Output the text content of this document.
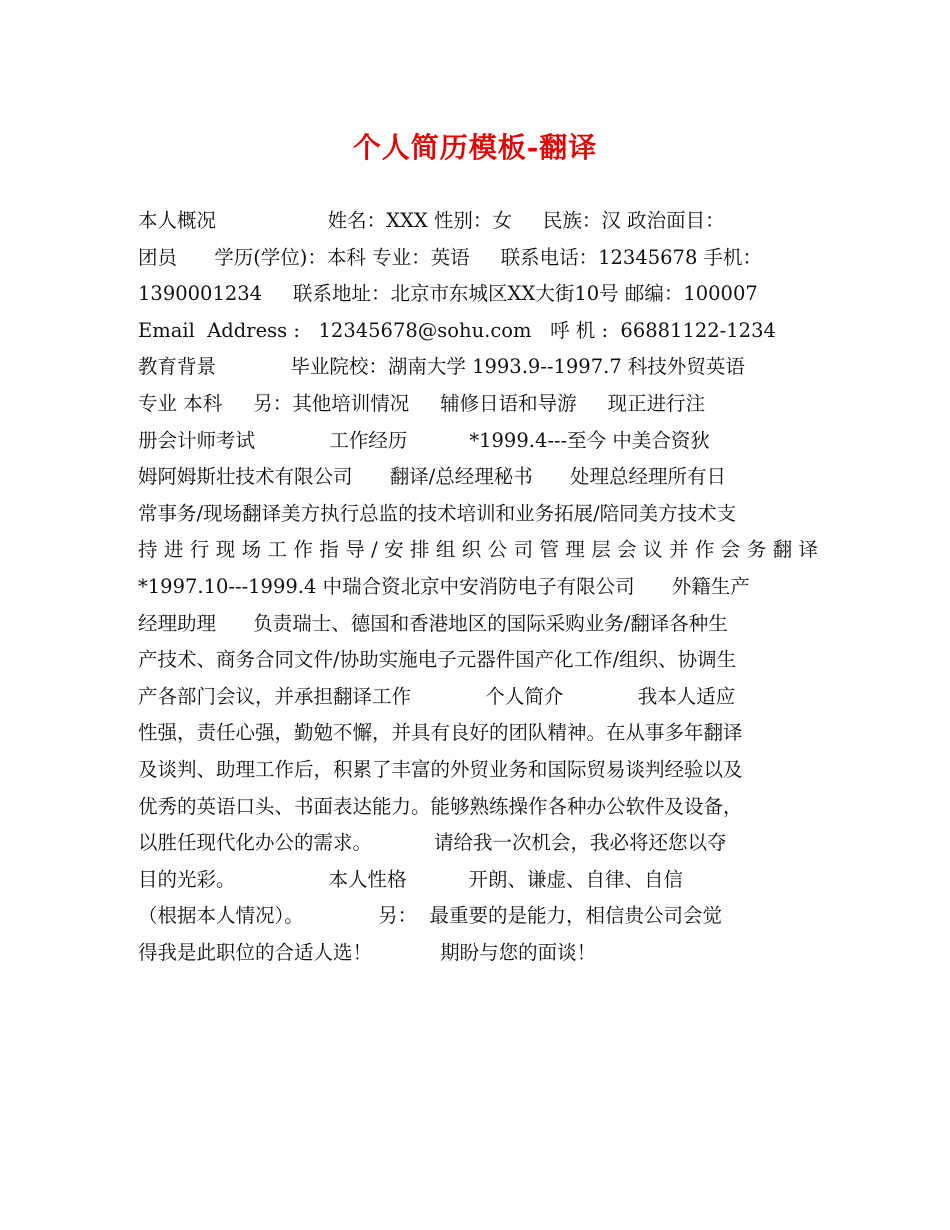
个人简历模板-翻译
本人概况                  姓名：XXX 性别：女     民族：汉 政治面目：
团员      学历(学位)：本科 专业：英语     联系电话：12345678 手机：
1390001234     联系地址：北京市东城区XX大街10号 邮编：100007
Email  Address :   12345678@sohu.com   呼 机 :  66881122-1234
教育背景            毕业院校：湖南大学 1993.9--1997.7 科技外贸英语
专业 本科     另：其他培训情况     辅修日语和导游     现正进行注
册会计师考试            工作经历          *1999.4---至今 中美合资狄
姆阿姆斯壮技术有限公司      翻译/总经理秘书      处理总经理所有日
常事务/现场翻译美方执行总监的技术培训和业务拓展/陪同美方技术支
持进行现场工作指导/安排组织公司管理层会议并作会务翻译
*1997.10---1999.4 中瑞合资北京中安消防电子有限公司      外籍生产
经理助理      负责瑞士、德国和香港地区的国际采购业务/翻译各种生
产技术、商务合同文件/协助实施电子元器件国产化工作/组织、协调生
产各部门会议，并承担翻译工作            个人简介            我本人适应
性强，责任心强，勤勉不懈，并具有良好的团队精神。在从事多年翻译
及谈判、助理工作后，积累了丰富的外贸业务和国际贸易谈判经验以及
优秀的英语口头、书面表达能力。能够熟练操作各种办公软件及设备，
以胜任现代化办公的需求。          请给我一次机会，我必将还您以夺
目的光彩。               本人性格          开朗、谦虚、自律、自信
（根据本人情况）。            另：  最重要的是能力，相信贵公司会觉
得我是此职位的合适人选！           期盼与您的面谈！
